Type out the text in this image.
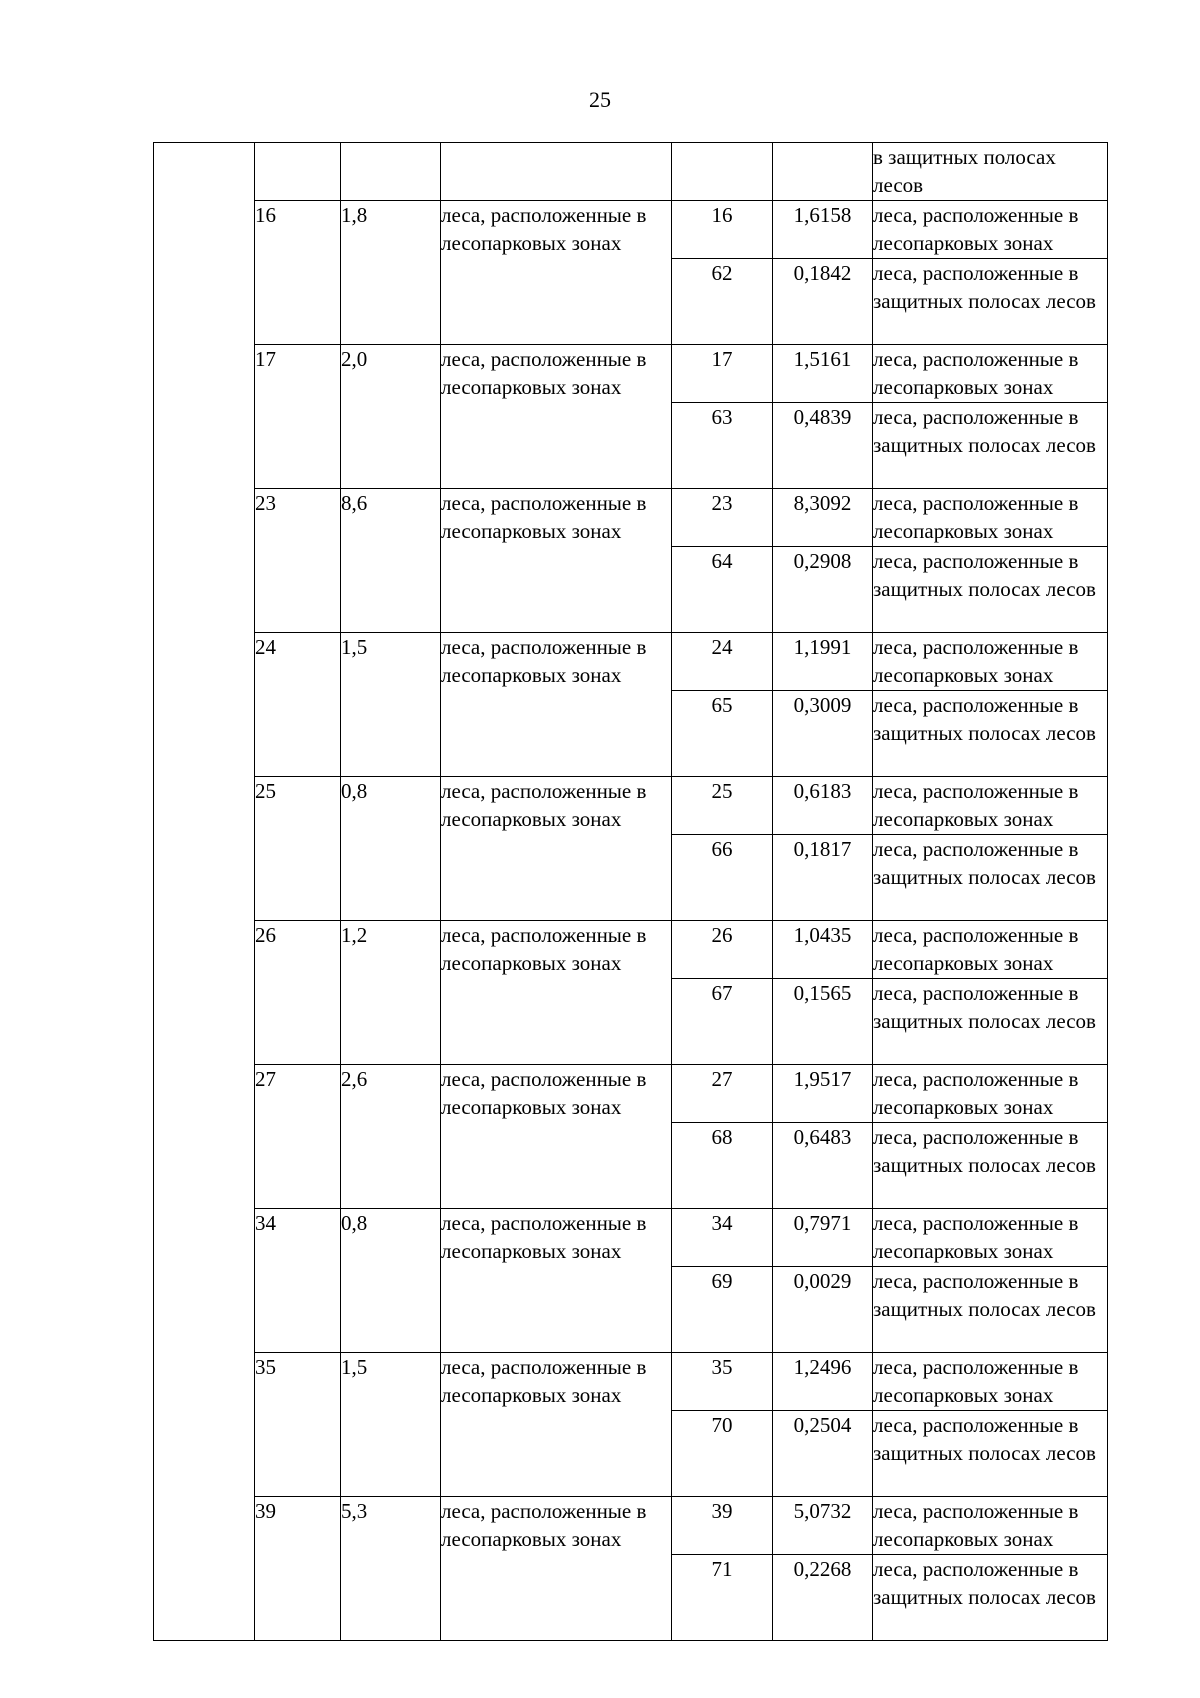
25

						в защитных полосах лесов

	16	1,8	леса, расположенные в лесопарковых зонах	16	1,6158	леса, расположенные в лесопарковых зонах

				62	0,1842	леса, расположенные в защитных полосах лесов

	17	2,0	леса, расположенные в лесопарковых зонах	17	1,5161	леса, расположенные в лесопарковых зонах

				63	0,4839	леса, расположенные в защитных полосах лесов

	23	8,6	леса, расположенные в лесопарковых зонах	23	8,3092	леса, расположенные в лесопарковых зонах

				64	0,2908	леса, расположенные в защитных полосах лесов

	24	1,5	леса, расположенные в лесопарковых зонах	24	1,1991	леса, расположенные в лесопарковых зонах

				65	0,3009	леса, расположенные в защитных полосах лесов

	25	0,8	леса, расположенные в лесопарковых зонах	25	0,6183	леса, расположенные в лесопарковых зонах

				66	0,1817	леса, расположенные в защитных полосах лесов

	26	1,2	леса, расположенные в лесопарковых зонах	26	1,0435	леса, расположенные в лесопарковых зонах

				67	0,1565	леса, расположенные в защитных полосах лесов

	27	2,6	леса, расположенные в лесопарковых зонах	27	1,9517	леса, расположенные в лесопарковых зонах

				68	0,6483	леса, расположенные в защитных полосах лесов

	34	0,8	леса, расположенные в лесопарковых зонах	34	0,7971	леса, расположенные в лесопарковых зонах

				69	0,0029	леса, расположенные в защитных полосах лесов

	35	1,5	леса, расположенные в лесопарковых зонах	35	1,2496	леса, расположенные в лесопарковых зонах

				70	0,2504	леса, расположенные в защитных полосах лесов

	39	5,3	леса, расположенные в лесопарковых зонах	39	5,0732	леса, расположенные в лесопарковых зонах

				71	0,2268	леса, расположенные в защитных полосах лесов
